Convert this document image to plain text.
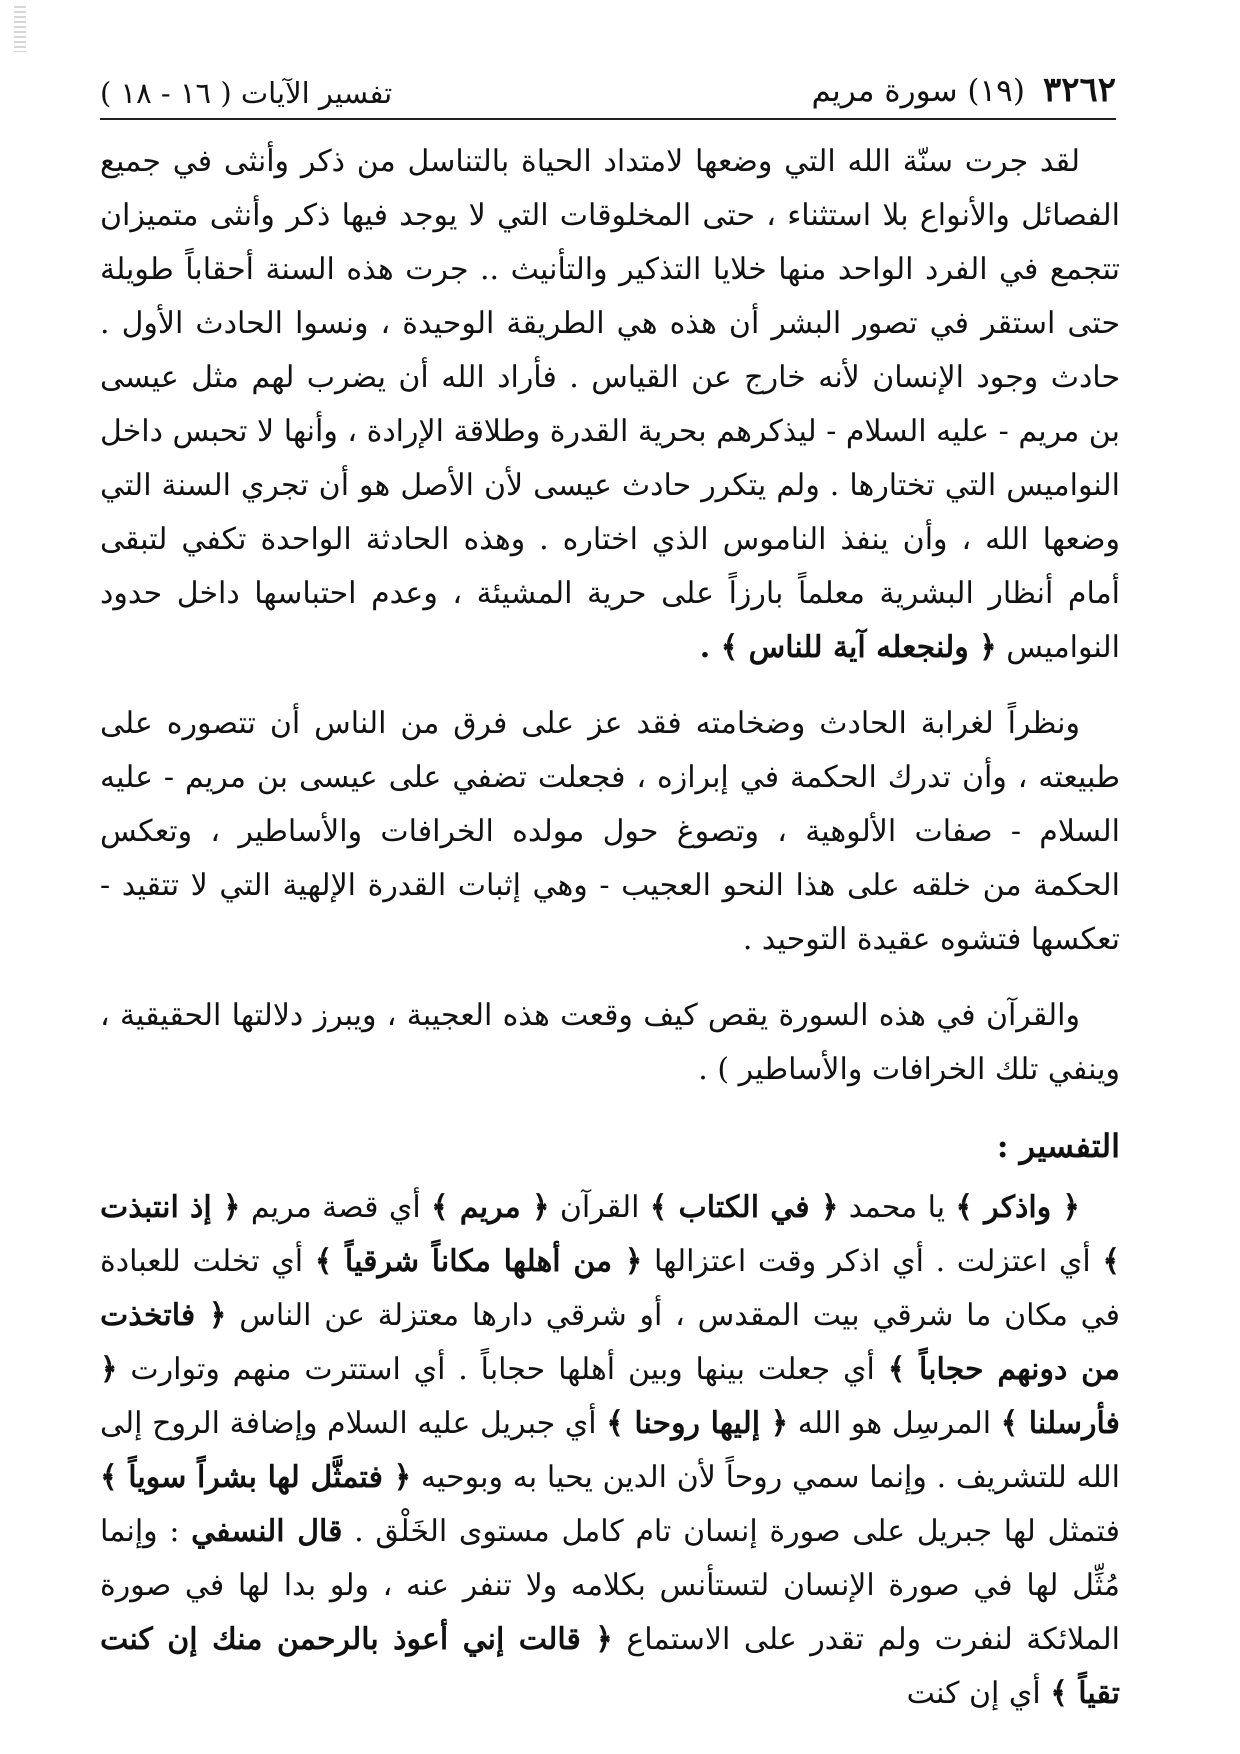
٣٢٦٢
(١٩) سورة مريم
تفسير الآيات ( ١٦ - ١٨ )

لقد جرت سنّة الله التي وضعها لامتداد الحياة بالتناسل من ذكر وأنثى في جميع الفصائل والأنواع بلا استثناء ، حتى المخلوقات التي لا يوجد فيها ذكر وأنثى متميزان تتجمع في الفرد الواحد منها خلايا التذكير والتأنيث .. جرت هذه السنة أحقاباً طويلة حتى استقر في تصور البشر أن هذه هي الطريقة الوحيدة ، ونسوا الحادث الأول . حادث وجود الإنسان لأنه خارج عن القياس . فأراد الله أن يضرب لهم مثل عيسى بن مريم - عليه السلام - ليذكرهم بحرية القدرة وطلاقة الإرادة ، وأنها لا تحبس داخل النواميس التي تختارها . ولم يتكرر حادث عيسى لأن الأصل هو أن تجري السنة التي وضعها الله ، وأن ينفذ الناموس الذي اختاره . وهذه الحادثة الواحدة تكفي لتبقى أمام أنظار البشرية معلماً بارزاً على حرية المشيئة ، وعدم احتباسها داخل حدود النواميس ﴿ ولنجعله آية للناس ﴾ .

ونظراً لغرابة الحادث وضخامته فقد عز على فرق من الناس أن تتصوره على طبيعته ، وأن تدرك الحكمة في إبرازه ، فجعلت تضفي على عيسى بن مريم - عليه السلام - صفات الألوهية ، وتصوغ حول مولده الخرافات والأساطير ، وتعكس الحكمة من خلقه على هذا النحو العجيب - وهي إثبات القدرة الإلهية التي لا تتقيد - تعكسها فتشوه عقيدة التوحيد .

والقرآن في هذه السورة يقص كيف وقعت هذه العجيبة ، ويبرز دلالتها الحقيقية ، وينفي تلك الخرافات والأساطير ) .

التفسير :

﴿ واذكر ﴾ يا محمد ﴿ في الكتاب ﴾ القرآن ﴿ مريم ﴾ أي قصة مريم ﴿ إذ انتبذت ﴾ أي اعتزلت . أي اذكر وقت اعتزالها ﴿ من أهلها مكاناً شرقياً ﴾ أي تخلت للعبادة في مكان ما شرقي بيت المقدس ، أو شرقي دارها معتزلة عن الناس ﴿ فاتخذت من دونهم حجاباً ﴾ أي جعلت بينها وبين أهلها حجاباً . أي استترت منهم وتوارت ﴿ فأرسلنا ﴾ المرسِل هو الله ﴿ إليها روحنا ﴾ أي جبريل عليه السلام وإضافة الروح إلى الله للتشريف . وإنما سمي روحاً لأن الدين يحيا به وبوحيه ﴿ فتمثَّل لها بشراً سوياً ﴾ فتمثل لها جبريل على صورة إنسان تام كامل مستوى الخَلْق . قال النسفي : وإنما مُثِّل لها في صورة الإنسان لتستأنس بكلامه ولا تنفر عنه ، ولو بدا لها في صورة الملائكة لنفرت ولم تقدر على الاستماع ﴿ قالت إني أعوذ بالرحمن منك إن كنت تقياً ﴾ أي إن كنت
